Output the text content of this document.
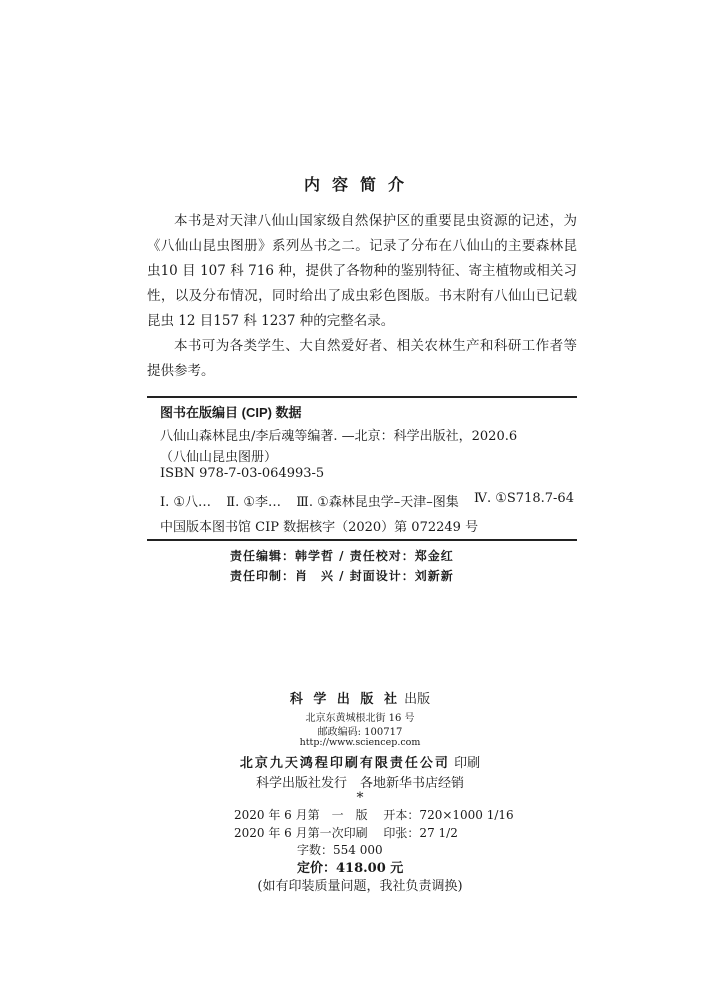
内容简介

本书是对天津八仙山国家级自然保护区的重要昆虫资源的记述，为《八仙山昆虫图册》系列丛书之二。记录了分布在八仙山的主要森林昆虫10 目 107 科 716 种，提供了各物种的鉴别特征、寄主植物或相关习性，以及分布情况，同时给出了成虫彩色图版。书末附有八仙山已记载昆虫 12 目157 科 1237 种的完整名录。

本书可为各类学生、大自然爱好者、相关农林生产和科研工作者等提供参考。

图书在版编目 (CIP) 数据
八仙山森林昆虫/李后魂等编著. —北京：科学出版社，2020.6
（八仙山昆虫图册）
ISBN 978-7-03-064993-5
Ⅰ. ①八… Ⅱ. ①李… Ⅲ. ①森林昆虫学–天津–图集 Ⅳ. ①S718.7-64
中国版本图书馆 CIP 数据核字（2020）第 072249 号
责任编辑：韩学哲 / 责任校对：郑金红
责任印制：肖　兴 / 封面设计：刘新新
科 学 出 版 社 出版
北京东黄城根北街 16 号
邮政编码: 100717
http://www.sciencep.com
北京九天鸿程印刷有限责任公司 印刷
科学出版社发行　各地新华书店经销
*
2020 年 6 月第　一　版　 开本：720×1000 1/16
2020 年 6 月第一次印刷　 印张：27 1/2
字数：554 000
定价：418.00 元
(如有印装质量问题，我社负责调换)
